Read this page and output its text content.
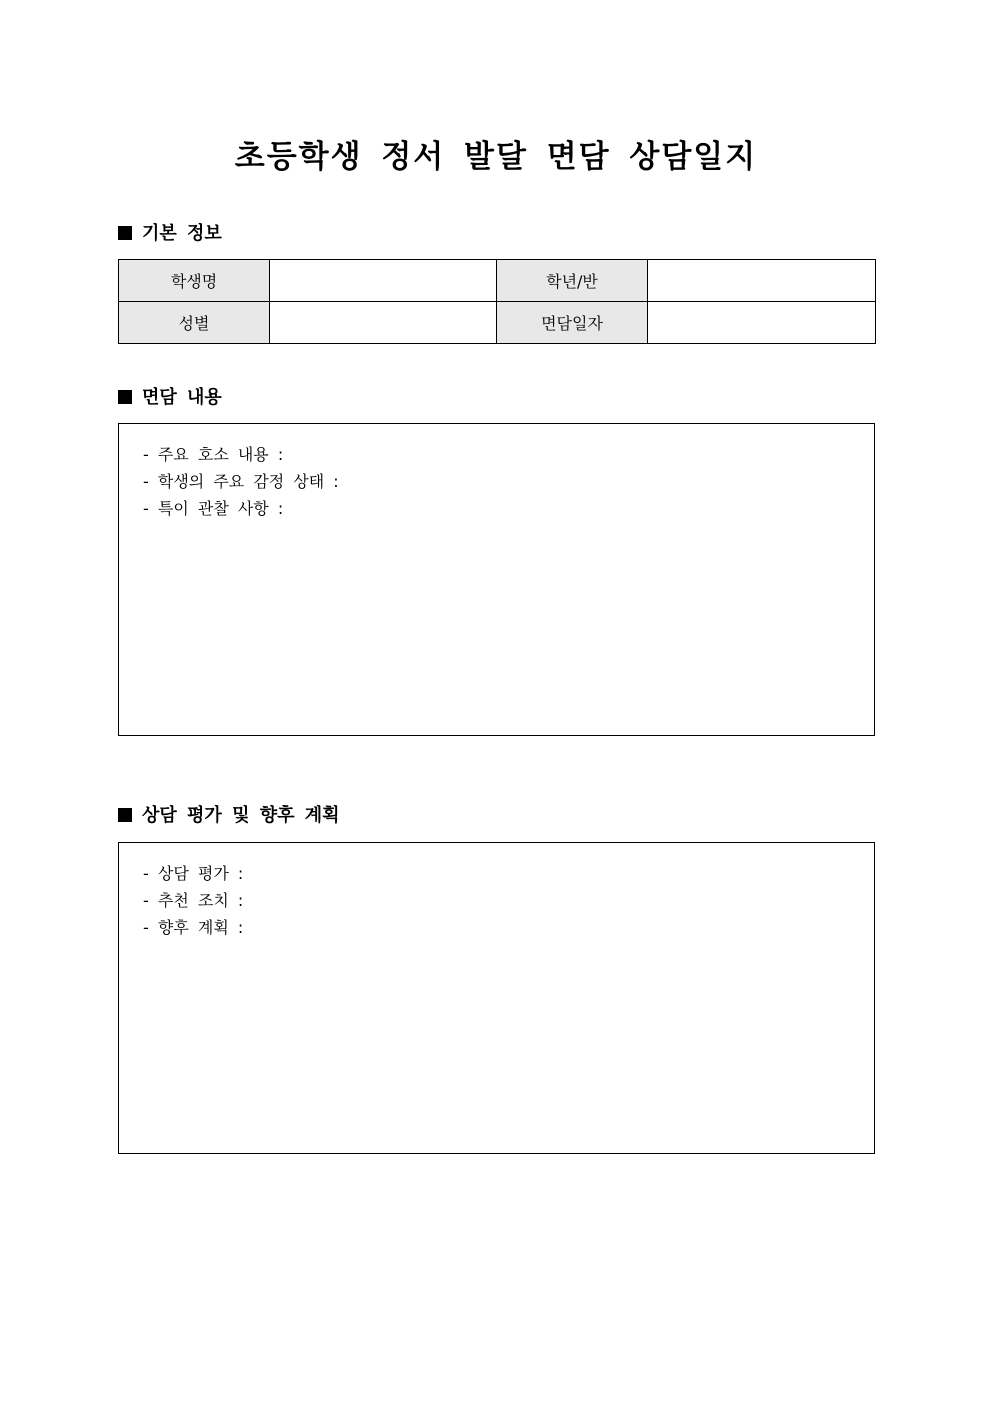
초등학생 정서 발달 면담 상담일지
기본 정보
학생명		학년/반	
성별		면담일자	
면담 내용
- 주요 호소 내용 :
- 학생의 주요 감정 상태 :
- 특이 관찰 사항 :
상담 평가 및 향후 계획
- 상담 평가 :
- 추천 조치 :
- 향후 계획 :
